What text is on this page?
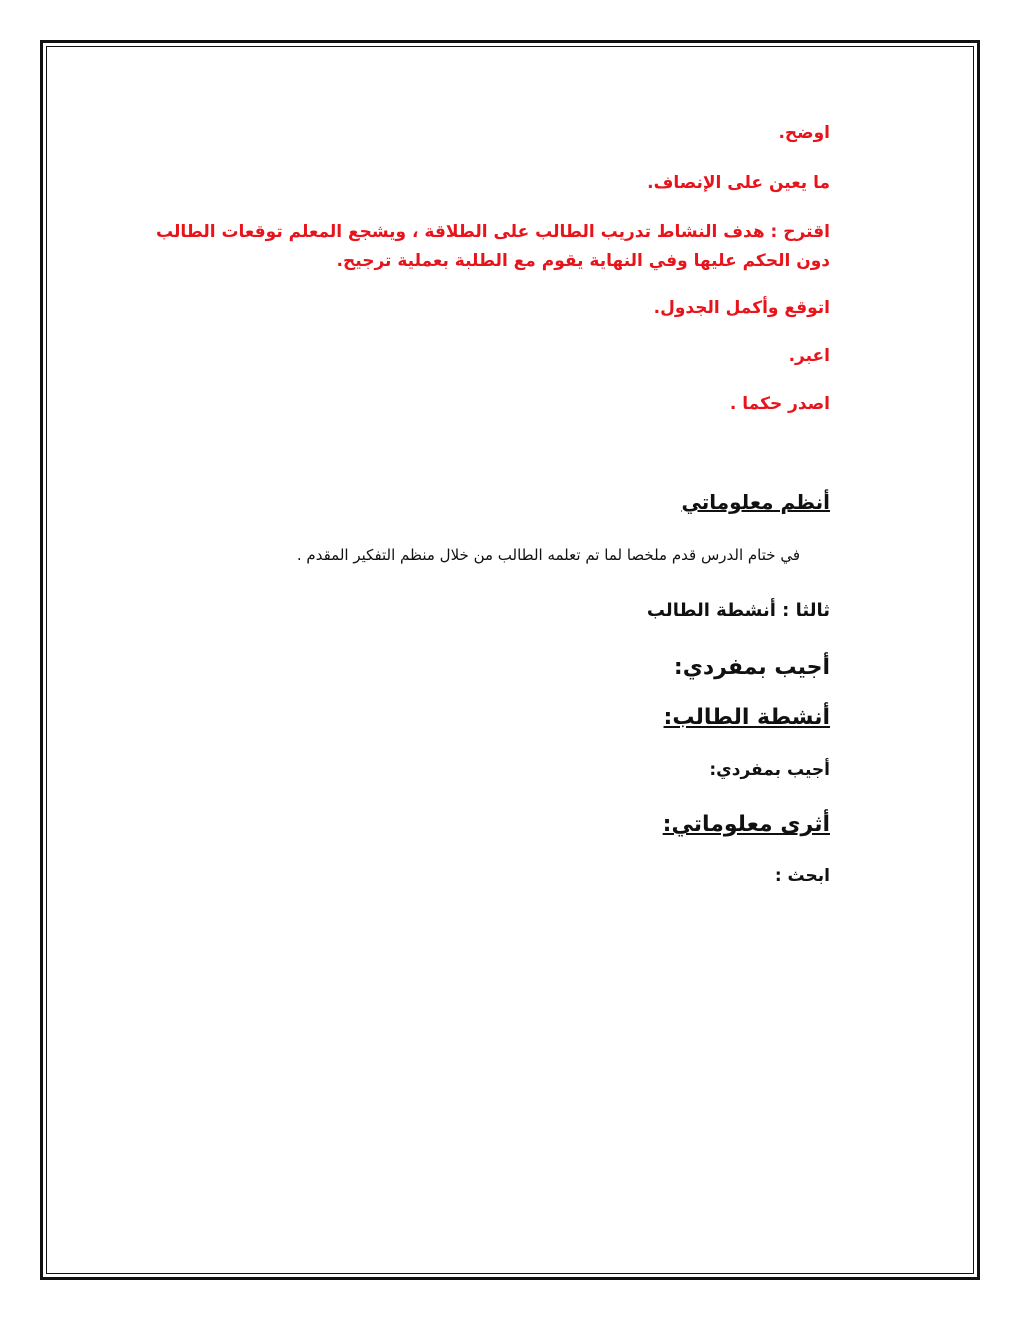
اوضح.

ما يعين على الإنصاف.

اقترح : هدف النشاط تدريب الطالب على الطلاقة ، ويشجع المعلم توقعات الطالب دون الحكم عليها وفي النهاية يقوم مع الطلبة بعملية ترجيح.

اتوقع وأكمل الجدول.

اعبر.

اصدر حكما .

أنظم معلوماتي

في ختام الدرس قدم ملخصا لما تم تعلمه الطالب من خلال منظم التفكير المقدم .

ثالثا : أنشطة الطالب

أجيب بمفردي:

أنشطة الطالب:

أجيب بمفردي:

أثرى معلوماتي:

ابحث :
